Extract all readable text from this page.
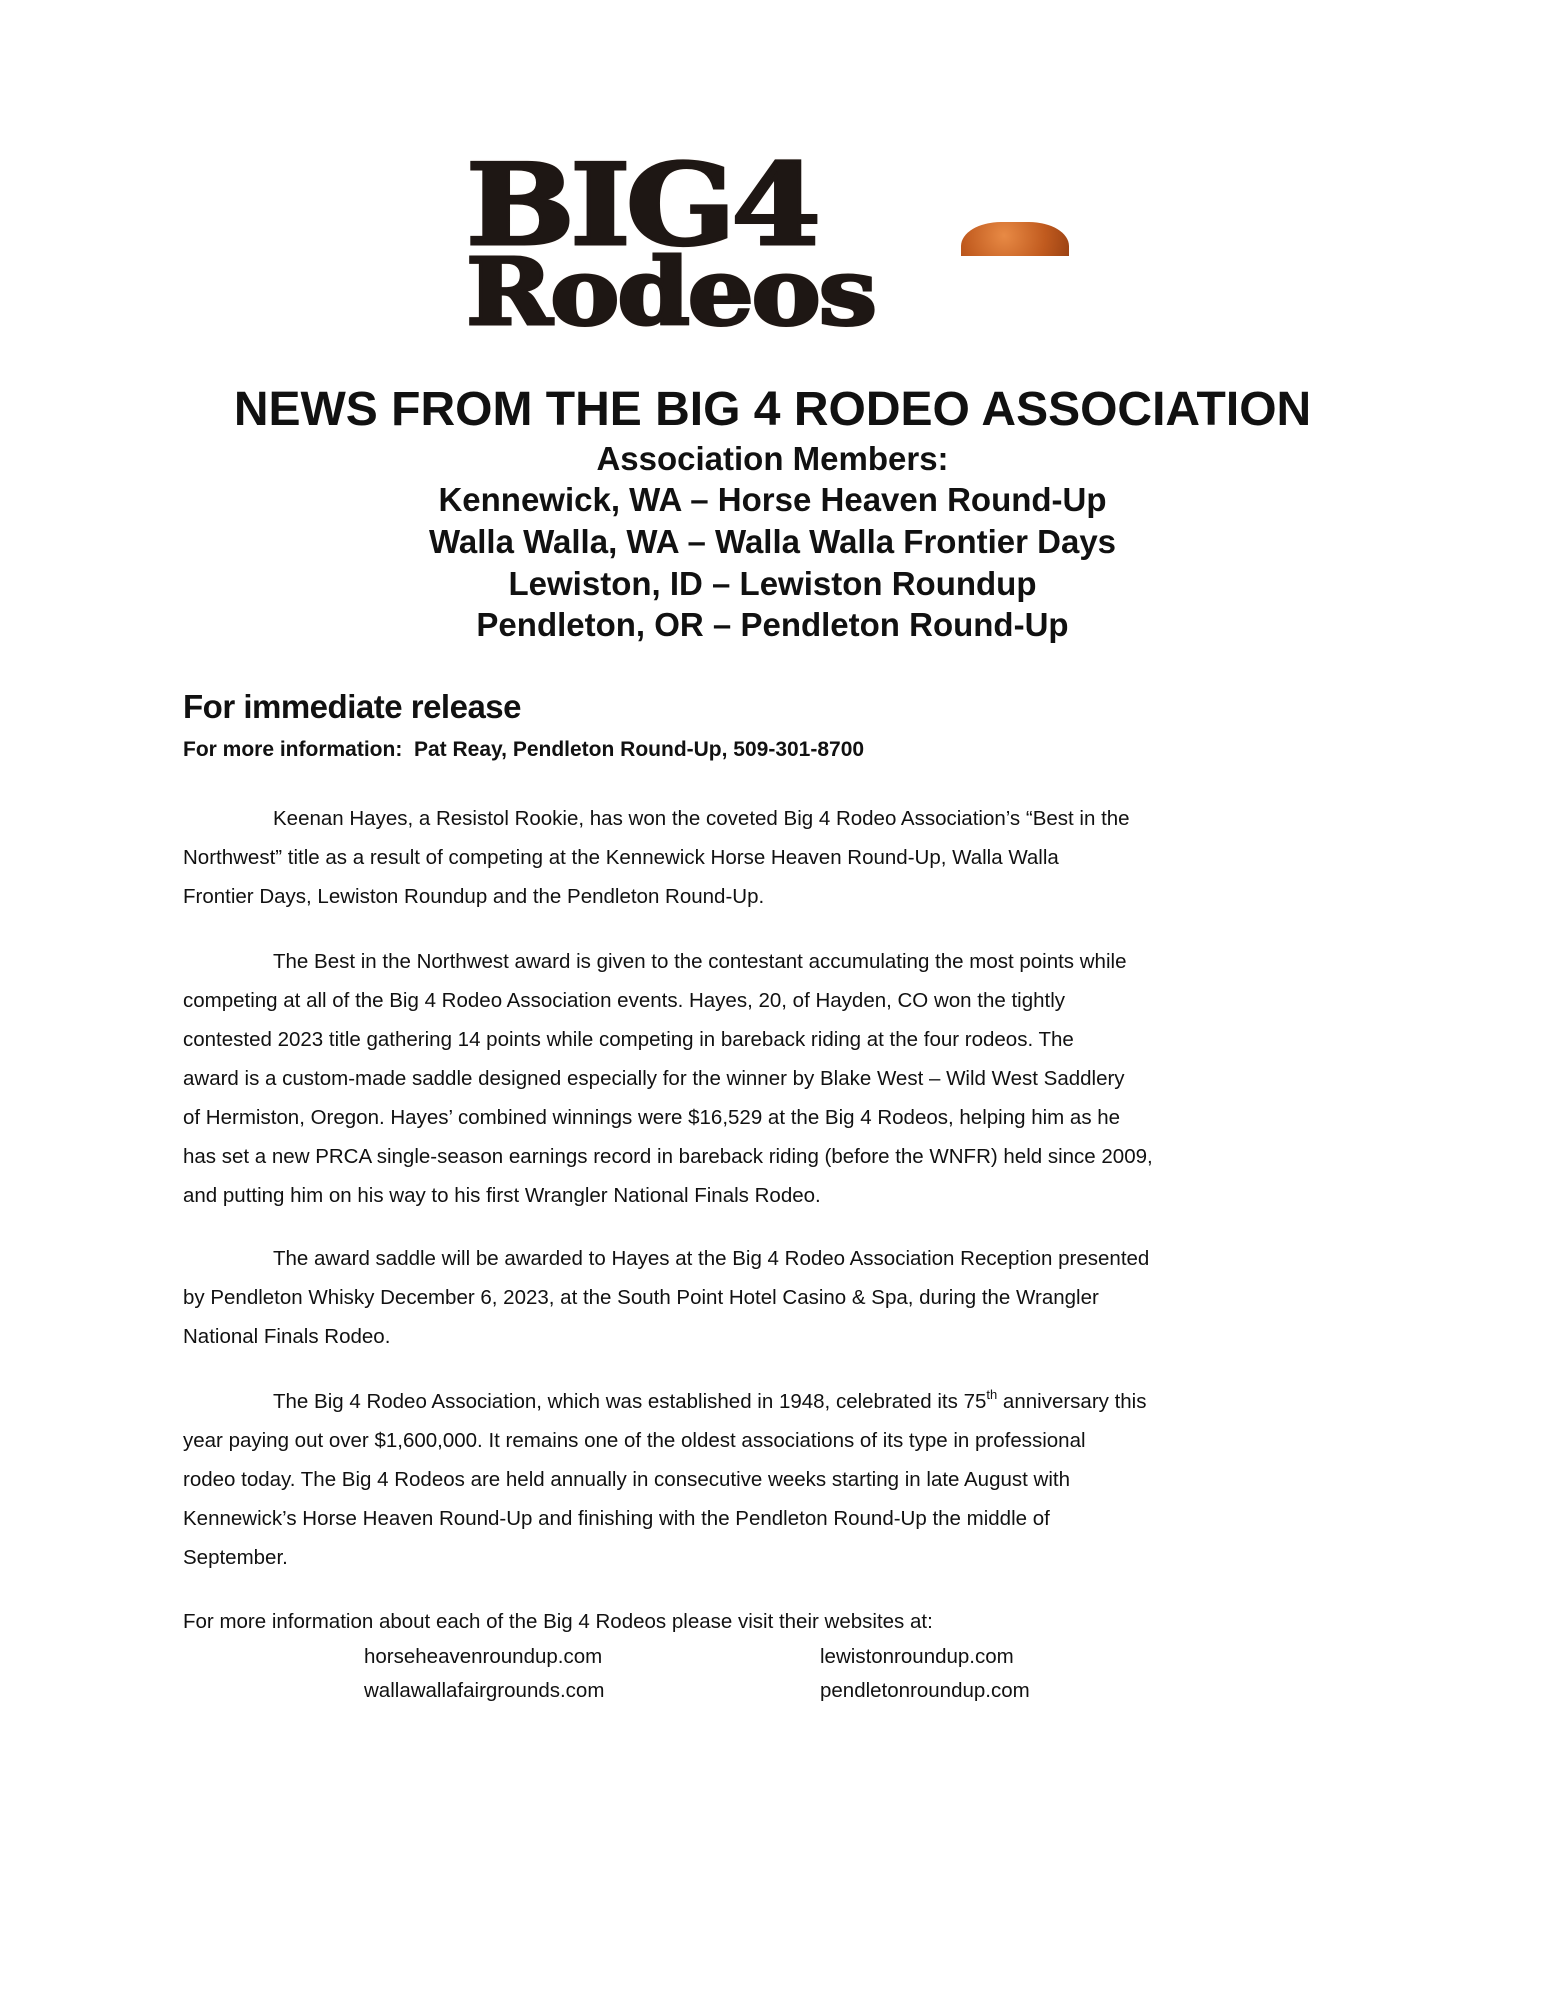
BIG4
Rodeos
NEWS FROM THE BIG 4 RODEO ASSOCIATION
Association Members:
Kennewick, WA – Horse Heaven Round-Up
Walla Walla, WA – Walla Walla Frontier Days
Lewiston, ID – Lewiston Roundup
Pendleton, OR – Pendleton Round-Up
For immediate release
For more information:  Pat Reay, Pendleton Round-Up, 509-301-8700
Keenan Hayes, a Resistol Rookie, has won the coveted Big 4 Rodeo Association’s “Best in the
Northwest” title as a result of competing at the Kennewick Horse Heaven Round-Up, Walla Walla
Frontier Days, Lewiston Roundup and the Pendleton Round-Up.
The Best in the Northwest award is given to the contestant accumulating the most points while
competing at all of the Big 4 Rodeo Association events. Hayes, 20, of Hayden, CO won the tightly
contested 2023 title gathering 14 points while competing in bareback riding at the four rodeos. The
award is a custom-made saddle designed especially for the winner by Blake West – Wild West Saddlery
of Hermiston, Oregon. Hayes’ combined winnings were $16,529 at the Big 4 Rodeos, helping him as he
has set a new PRCA single-season earnings record in bareback riding (before the WNFR) held since 2009,
and putting him on his way to his first Wrangler National Finals Rodeo.
The award saddle will be awarded to Hayes at the Big 4 Rodeo Association Reception presented
by Pendleton Whisky December 6, 2023, at the South Point Hotel Casino & Spa, during the Wrangler
National Finals Rodeo.
The Big 4 Rodeo Association, which was established in 1948, celebrated its 75th anniversary this
year paying out over $1,600,000. It remains one of the oldest associations of its type in professional
rodeo today. The Big 4 Rodeos are held annually in consecutive weeks starting in late August with
Kennewick’s Horse Heaven Round-Up and finishing with the Pendleton Round-Up the middle of
September.
For more information about each of the Big 4 Rodeos please visit their websites at:
horseheavenroundup.com	lewistonroundup.com
wallawallafairgrounds.com	pendletonroundup.com
